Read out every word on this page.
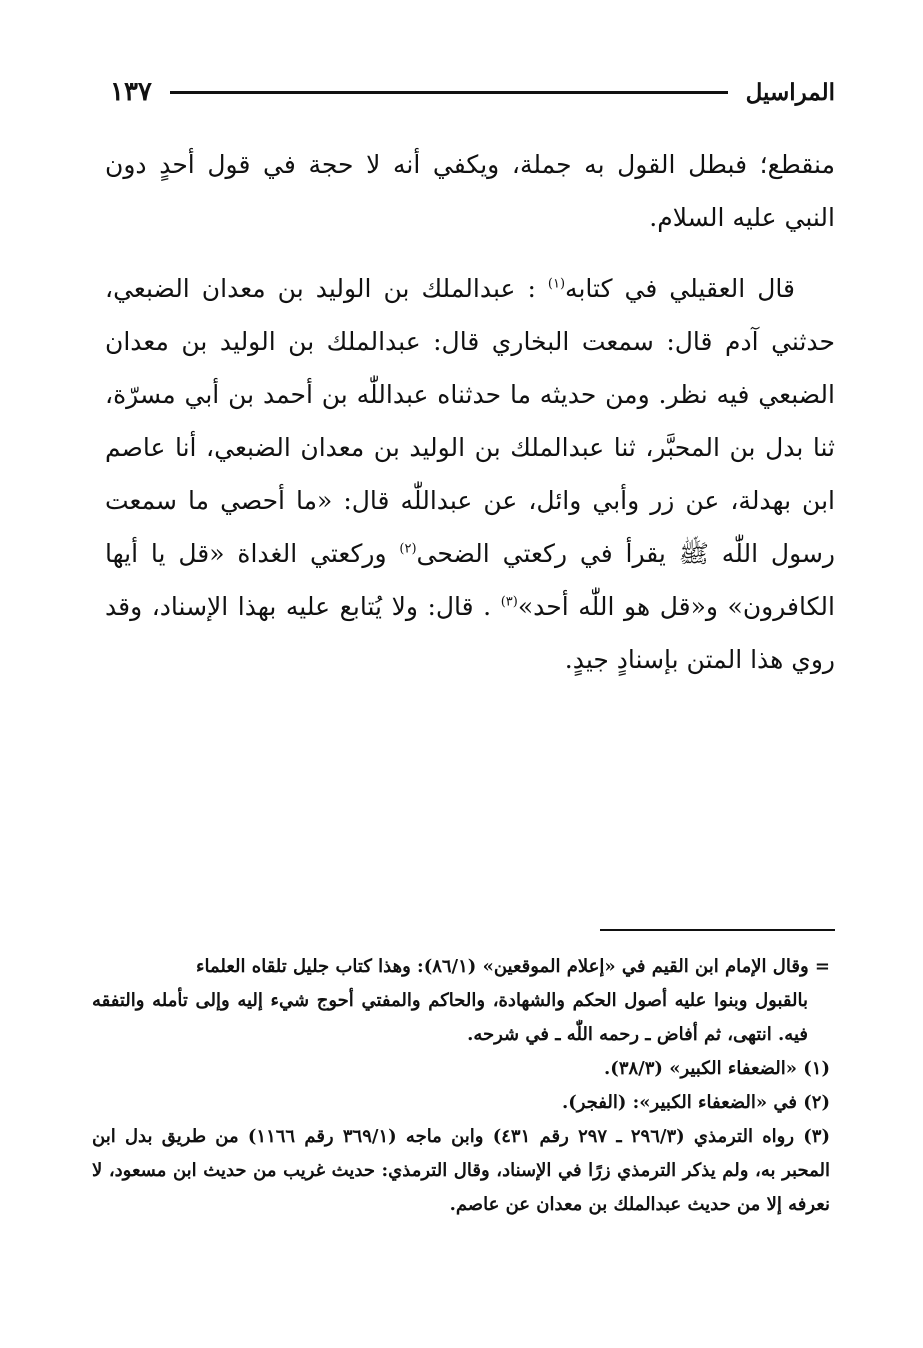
المراسيل
١٣٧

منقطع؛ فبطل القول به جملة، ويكفي أنه لا حجة في قول أحدٍ دون النبي عليه السلام.

قال العقيلي في كتابه$^{(١)}$ : عبدالملك بن الوليد بن معدان الضبعي، حدثني آدم قال: سمعت البخاري قال: عبدالملك بن الوليد بن معدان الضبعي فيه نظر. ومن حديثه ما حدثناه عبداللّٰه بن أحمد بن أبي مسرّة، ثنا بدل بن المحبَّر، ثنا عبدالملك بن الوليد بن معدان الضبعي، أنا عاصم ابن بهدلة، عن زر وأبي وائل، عن عبداللّٰه قال: «ما أحصي ما سمعت رسول اللّٰه ﷺ يقرأ في ركعتي الضحى$^{(٢)}$ وركعتي الغداة «قل يا أيها الكافرون» و«قل هو اللّٰه أحد»$^{(٣)}$ . قال: ولا يُتابع عليه بهذا الإسناد، وقد روي هذا المتن بإسنادٍ جيدٍ.

= وقال الإمام ابن القيم في «إعلام الموقعين» (٨٦/١): وهذا كتاب جليل تلقاه العلماء

بالقبول وبنوا عليه أصول الحكم والشهادة، والحاكم والمفتي أحوج شيء إليه وإلى تأمله والتفقه فيه. انتهى، ثم أفاض ـ رحمه اللّٰه ـ في شرحه.

(١) «الضعفاء الكبير» (٣٨/٣).

(٢) في «الضعفاء الكبير»: (الفجر).

(٣) رواه الترمذي (٢٩٦/٣ ـ ٢٩٧ رقم ٤٣١) وابن ماجه (٣٦٩/١ رقم ١١٦٦) من طريق بدل ابن المحبر به، ولم يذكر الترمذي زرًا في الإسناد، وقال الترمذي: حديث غريب من حديث ابن مسعود، لا نعرفه إلا من حديث عبدالملك بن معدان عن عاصم.
